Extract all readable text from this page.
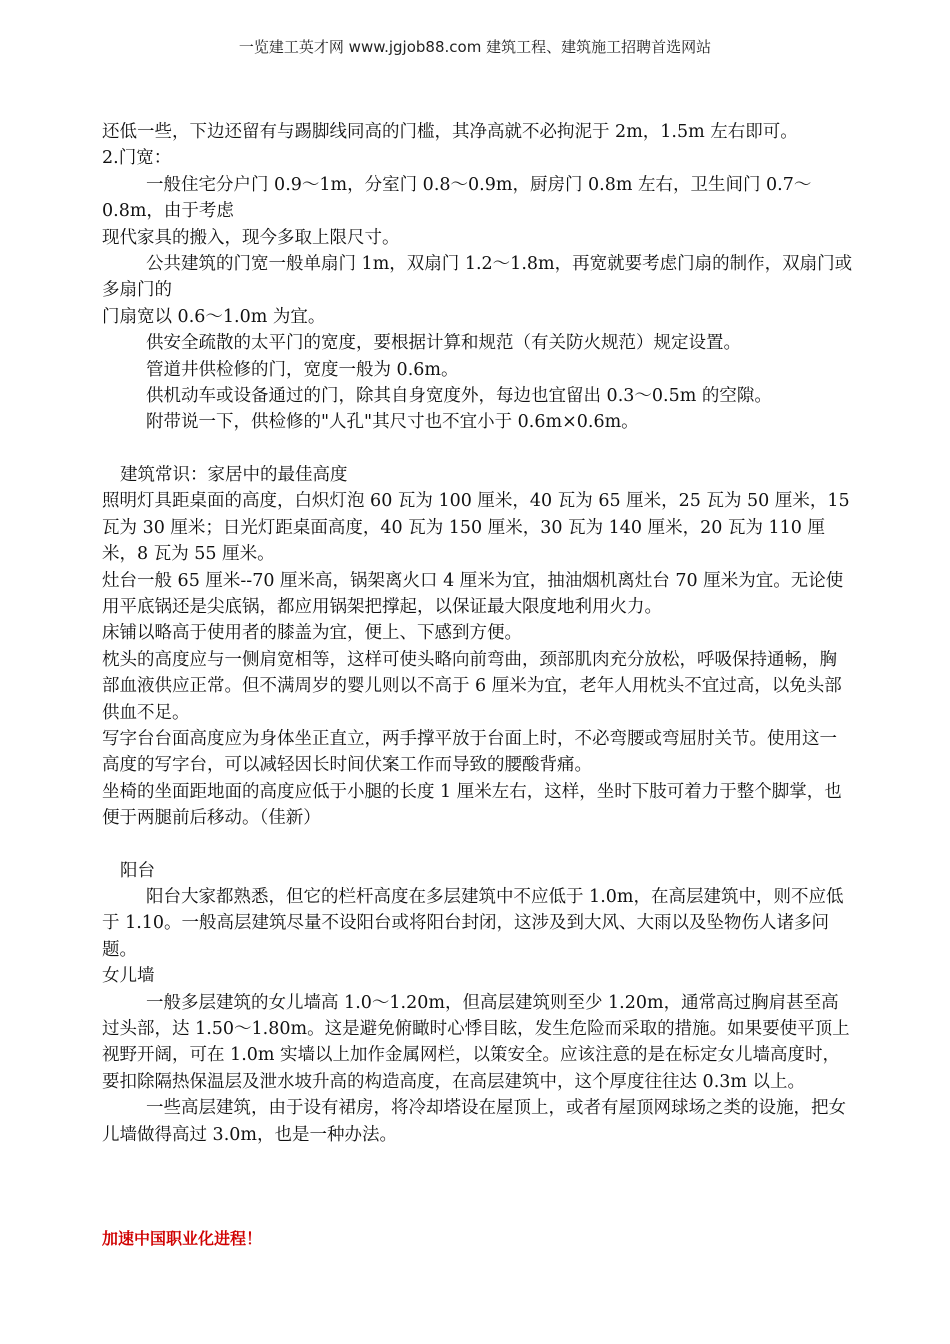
一览建工英才网 www.jgjob88.com 建筑工程、建筑施工招聘首选网站

还低一些，下边还留有与踢脚线同高的门槛，其净高就不必拘泥于 2m，1.5m 左右即可。

2.门宽：

一般住宅分户门 0.9～1m，分室门 0.8～0.9m，厨房门 0.8m 左右，卫生间门 0.7～0.8m，由于考虑

现代家具的搬入，现今多取上限尺寸。

公共建筑的门宽一般单扇门 1m，双扇门 1.2～1.8m，再宽就要考虑门扇的制作，双扇门或多扇门的

门扇宽以 0.6～1.0m 为宜。

供安全疏散的太平门的宽度，要根据计算和规范（有关防火规范）规定设置。

管道井供检修的门，宽度一般为 0.6m。

供机动车或设备通过的门，除其自身宽度外，每边也宜留出 0.3～0.5m 的空隙。

附带说一下，供检修的"人孔"其尺寸也不宜小于 0.6m×0.6m。

建筑常识：家居中的最佳高度

照明灯具距桌面的高度，白炽灯泡 60 瓦为 100 厘米，40 瓦为 65 厘米，25 瓦为 50 厘米，15 瓦为 30 厘米；日光灯距桌面高度，40 瓦为 150 厘米，30 瓦为 140 厘米，20 瓦为 110 厘米，8 瓦为 55 厘米。

灶台一般 65 厘米--70 厘米高，锅架离火口 4 厘米为宜，抽油烟机离灶台 70 厘米为宜。无论使用平底锅还是尖底锅，都应用锅架把撑起，以保证最大限度地利用火力。

床铺以略高于使用者的膝盖为宜，便上、下感到方便。

枕头的高度应与一侧肩宽相等，这样可使头略向前弯曲，颈部肌肉充分放松，呼吸保持通畅，胸部血液供应正常。但不满周岁的婴儿则以不高于 6 厘米为宜，老年人用枕头不宜过高，以免头部供血不足。

写字台台面高度应为身体坐正直立，两手撑平放于台面上时，不必弯腰或弯屈肘关节。使用这一高度的写字台，可以减轻因长时间伏案工作而导致的腰酸背痛。

坐椅的坐面距地面的高度应低于小腿的长度 1 厘米左右，这样，坐时下肢可着力于整个脚掌，也便于两腿前后移动。（佳新）

阳台

阳台大家都熟悉，但它的栏杆高度在多层建筑中不应低于 1.0m，在高层建筑中，则不应低于 1.10。一般高层建筑尽量不设阳台或将阳台封闭，这涉及到大风、大雨以及坠物伤人诸多问题。

女儿墙

一般多层建筑的女儿墙高 1.0～1.20m，但高层建筑则至少 1.20m，通常高过胸肩甚至高过头部，达 1.50～1.80m。这是避免俯瞰时心悸目眩，发生危险而采取的措施。如果要使平顶上视野开阔，可在 1.0m 实墙以上加作金属网栏，以策安全。应该注意的是在标定女儿墙高度时，要扣除隔热保温层及泄水坡升高的构造高度，在高层建筑中，这个厚度往往达 0.3m 以上。

一些高层建筑，由于设有裙房，将冷却塔设在屋顶上，或者有屋顶网球场之类的设施，把女儿墙做得高过 3.0m，也是一种办法。

加速中国职业化进程！
